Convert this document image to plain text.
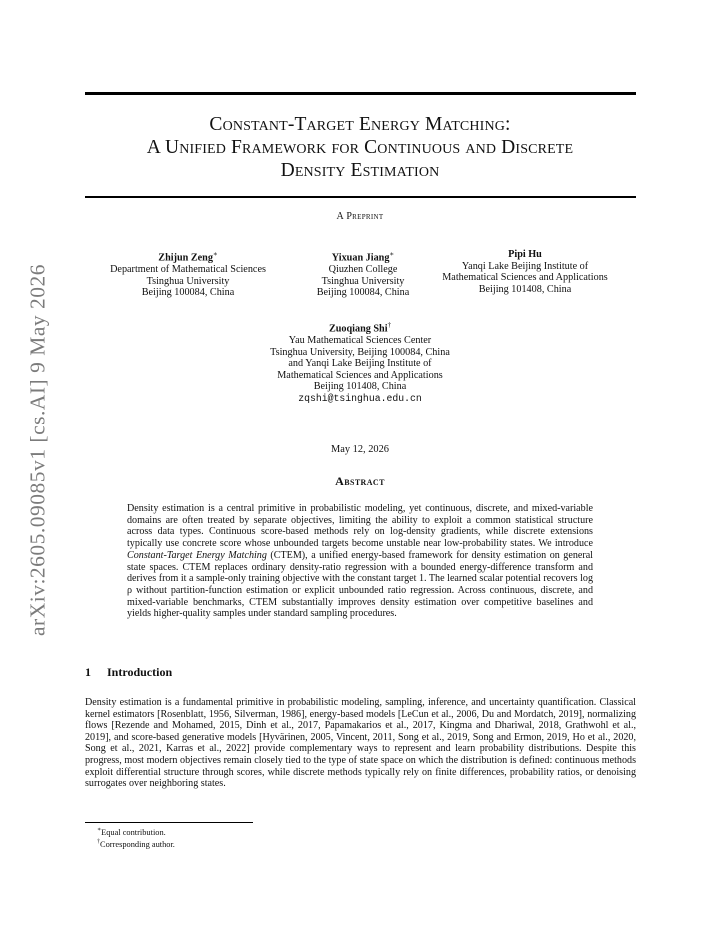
arXiv:2605.09085v1 [cs.AI] 9 May 2026
Constant-Target Energy Matching:
A Unified Framework for Continuous and Discrete
Density Estimation
A Preprint
Zhijun Zeng∗
Department of Mathematical Sciences
Tsinghua University
Beijing 100084, China
Yixuan Jiang∗
Qiuzhen College
Tsinghua University
Beijing 100084, China
Pipi Hu
Yanqi Lake Beijing Institute of
Mathematical Sciences and Applications
Beijing 101408, China
Zuoqiang Shi†
Yau Mathematical Sciences Center
Tsinghua University, Beijing 100084, China
and Yanqi Lake Beijing Institute of
Mathematical Sciences and Applications
Beijing 101408, China
zqshi@tsinghua.edu.cn
May 12, 2026
Abstract
Density estimation is a central primitive in probabilistic modeling, yet continuous, discrete, and mixed-variable domains are often treated by separate objectives, limiting the ability to exploit a common statistical structure across data types. Continuous score-based methods rely on log-density gradients, while discrete extensions typically use concrete score whose unbounded targets become unstable near low-probability states. We introduce Constant-Target Energy Matching (CTEM), a unified energy-based framework for density estimation on general state spaces. CTEM replaces ordinary density-ratio regression with a bounded energy-difference transform and derives from it a sample-only training objective with the constant target 1. The learned scalar potential recovers log ρ without partition-function estimation or explicit unbounded ratio regression. Across continuous, discrete, and mixed-variable benchmarks, CTEM substantially improves density estimation over competitive baselines and yields higher-quality samples under standard sampling procedures.
1 Introduction
Density estimation is a fundamental primitive in probabilistic modeling, sampling, inference, and uncertainty quantification. Classical kernel estimators [Rosenblatt, 1956, Silverman, 1986], energy-based models [LeCun et al., 2006, Du and Mordatch, 2019], normalizing flows [Rezende and Mohamed, 2015, Dinh et al., 2017, Papamakarios et al., 2017, Kingma and Dhariwal, 2018, Grathwohl et al., 2019], and score-based generative models [Hyvärinen, 2005, Vincent, 2011, Song et al., 2019, Song and Ermon, 2019, Ho et al., 2020, Song et al., 2021, Karras et al., 2022] provide complementary ways to represent and learn probability distributions. Despite this progress, most modern objectives remain closely tied to the type of state space on which the distribution is defined: continuous methods exploit differential structure through scores, while discrete methods typically rely on finite differences, probability ratios, or denoising surrogates over neighboring states.
∗Equal contribution.
†Corresponding author.
